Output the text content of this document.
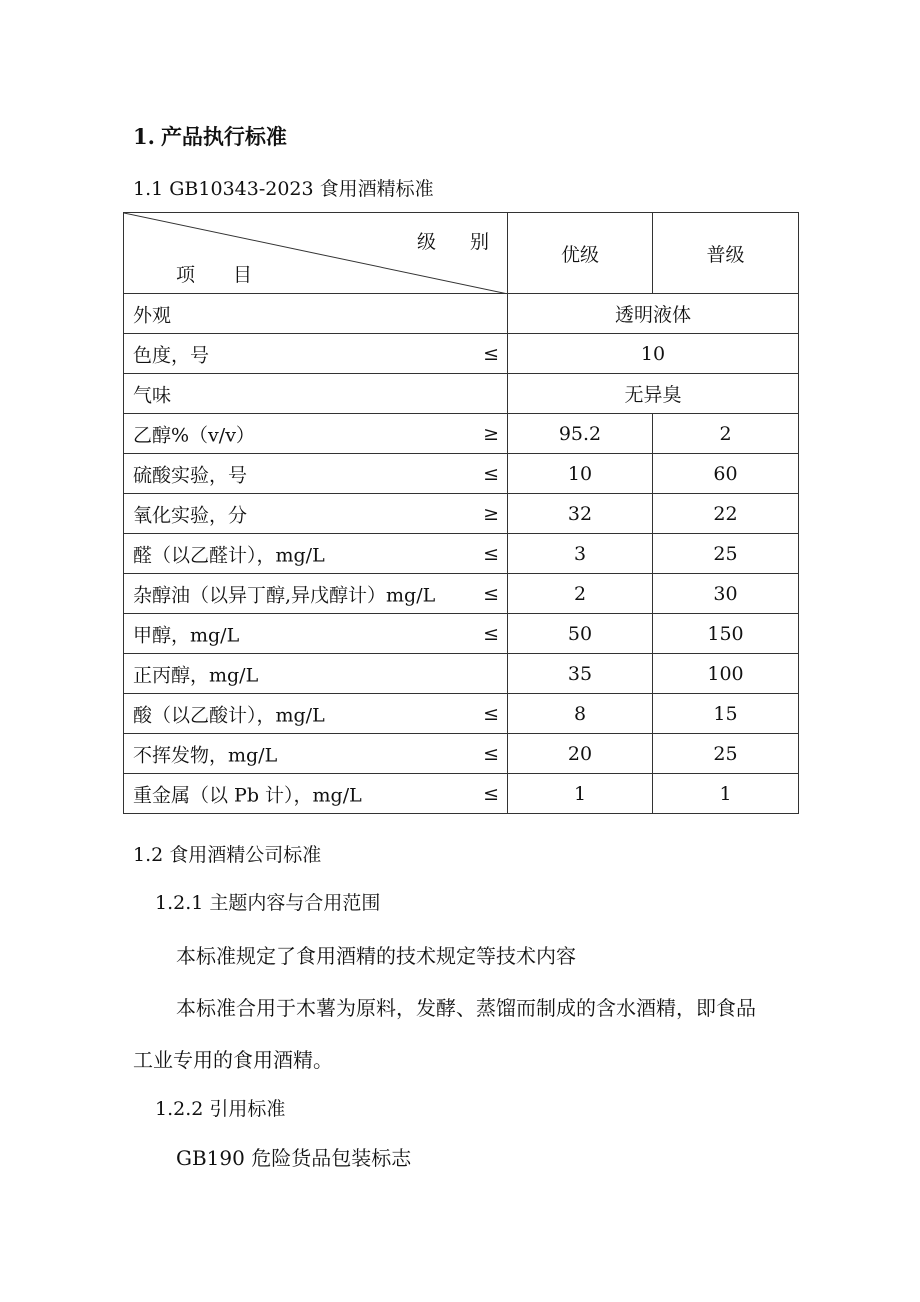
1. 产品执行标准
1.1 GB10343-2023 食用酒精标准
级 别
项 目	优级	普级

外观	透明液体	

色度，号 ≤	10	

气味	无异臭	

乙醇%（v/v） ≥	95.2	2

硫酸实验，号 ≤	10	60

氧化实验，分 ≥	32	22

醛（以乙醛计），mg/L ≤	3	25

杂醇油（以异丁醇,异戊醇计）mg/L ≤	2	30

甲醇，mg/L ≤	50	150

正丙醇，mg/L	35	100

酸（以乙酸计），mg/L ≤	8	15

不挥发物，mg/L ≤	20	25

重金属（以 Pb 计），mg/L ≤	1	1
1.2 食用酒精公司标准
1.2.1 主题内容与合用范围
本标准规定了食用酒精的技术规定等技术内容
本标准合用于木薯为原料，发酵、蒸馏而制成的含水酒精，即食品
工业专用的食用酒精。
1.2.2 引用标准
GB190 危险货品包装标志
